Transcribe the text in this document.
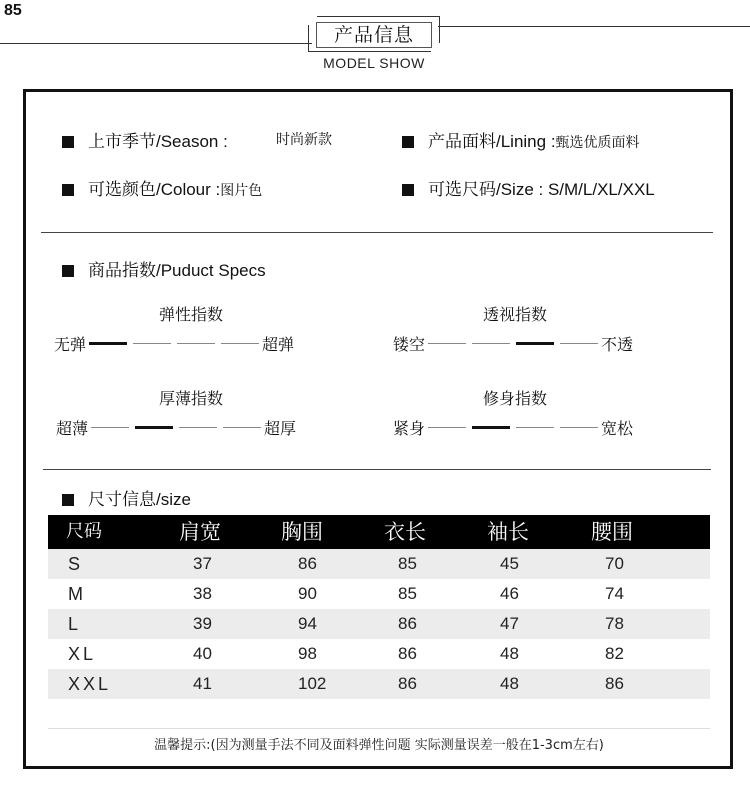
85
产品信息
MODEL SHOW
上市季节/Season :	时尚新款	产品面料/Lining :甄选优质面料
可选颜色/Colour :图片色	可选尺码/Size : S/M/L/XL/XXL
商品指数/Puduct Specs
弹性指数
无弹	超弹
透视指数
镂空	不透
厚薄指数
超薄	超厚
修身指数
紧身	宽松
尺寸信息/size
尺码	肩宽	胸围	衣长	袖长	腰围
S	37	86	85	45	70
M	38	90	85	46	74
L	39	94	86	47	78
XL	40	98	86	48	82
XXL	41	102	86	48	86
温馨提示:(因为测量手法不同及面料弹性问题 实际测量误差一般在1-3cm左右)
